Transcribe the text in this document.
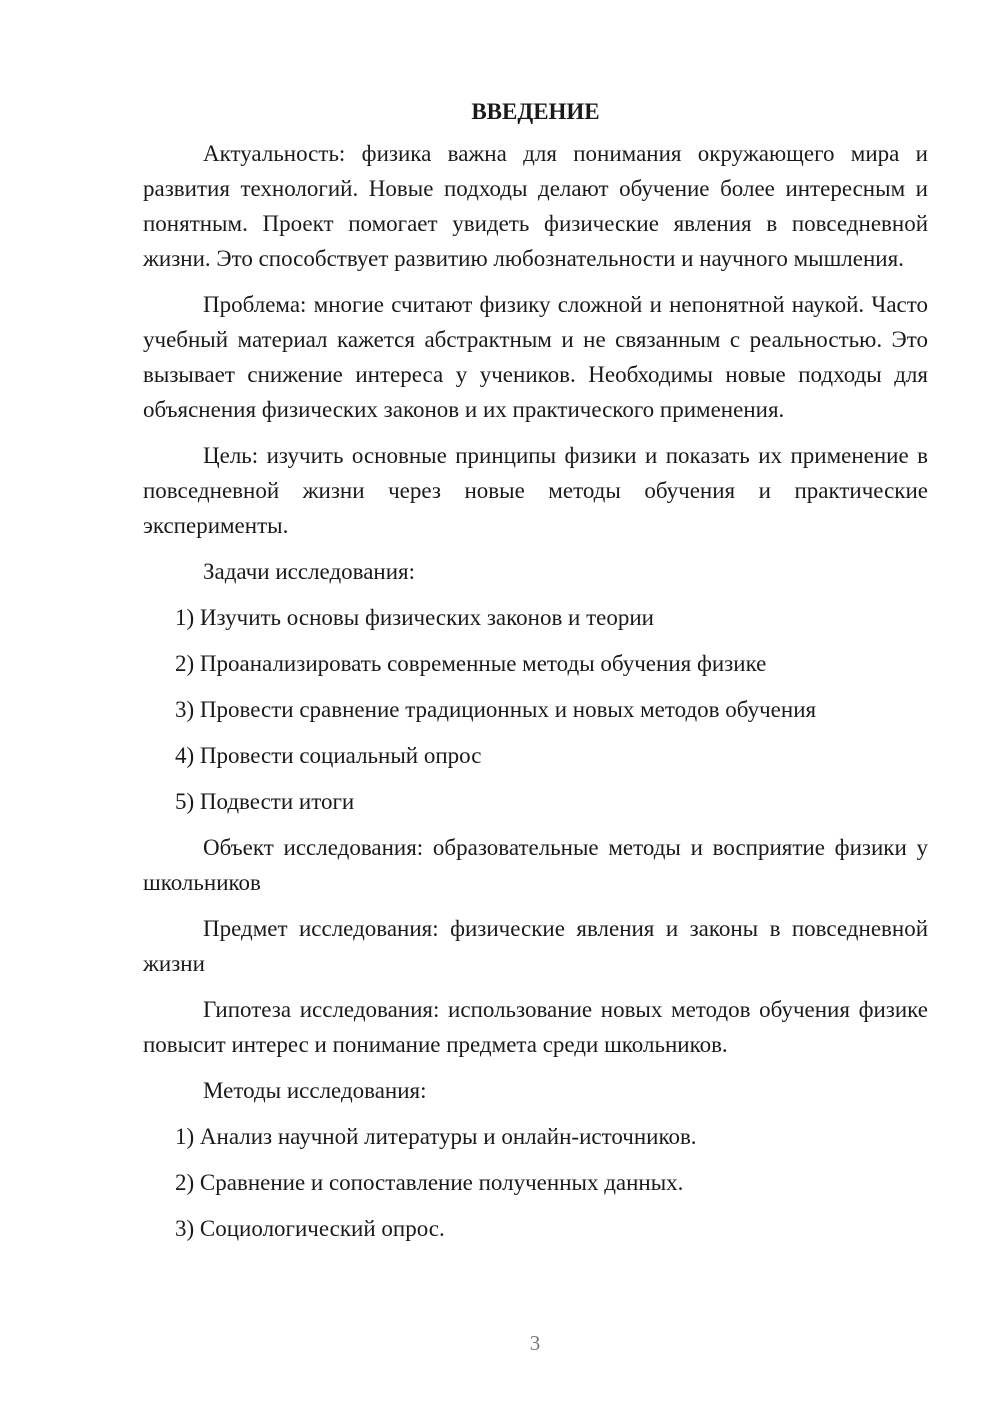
ВВЕДЕНИЕ

Актуальность: физика важна для понимания окружающего мира и развития технологий. Новые подходы делают обучение более интересным и понятным. Проект помогает увидеть физические явления в повседневной жизни. Это способствует развитию любознательности и научного мышления.

Проблема: многие считают физику сложной и непонятной наукой. Часто учебный материал кажется абстрактным и не связанным с реальностью. Это вызывает снижение интереса у учеников. Необходимы новые подходы для объяснения физических законов и их практического применения.

Цель: изучить основные принципы физики и показать их применение в повседневной жизни через новые методы обучения и практические эксперименты.

Задачи исследования:
1) Изучить основы физических законов и теории
2) Проанализировать современные методы обучения физике
3) Провести сравнение традиционных и новых методов обучения
4) Провести социальный опрос
5) Подвести итоги

Объект исследования: образовательные методы и восприятие физики у школьников

Предмет исследования: физические явления и законы в повседневной жизни

Гипотеза исследования: использование новых методов обучения физике повысит интерес и понимание предмета среди школьников.

Методы исследования:
1) Анализ научной литературы и онлайн-источников.
2) Сравнение и сопоставление полученных данных.
3) Социологический опрос.
3
